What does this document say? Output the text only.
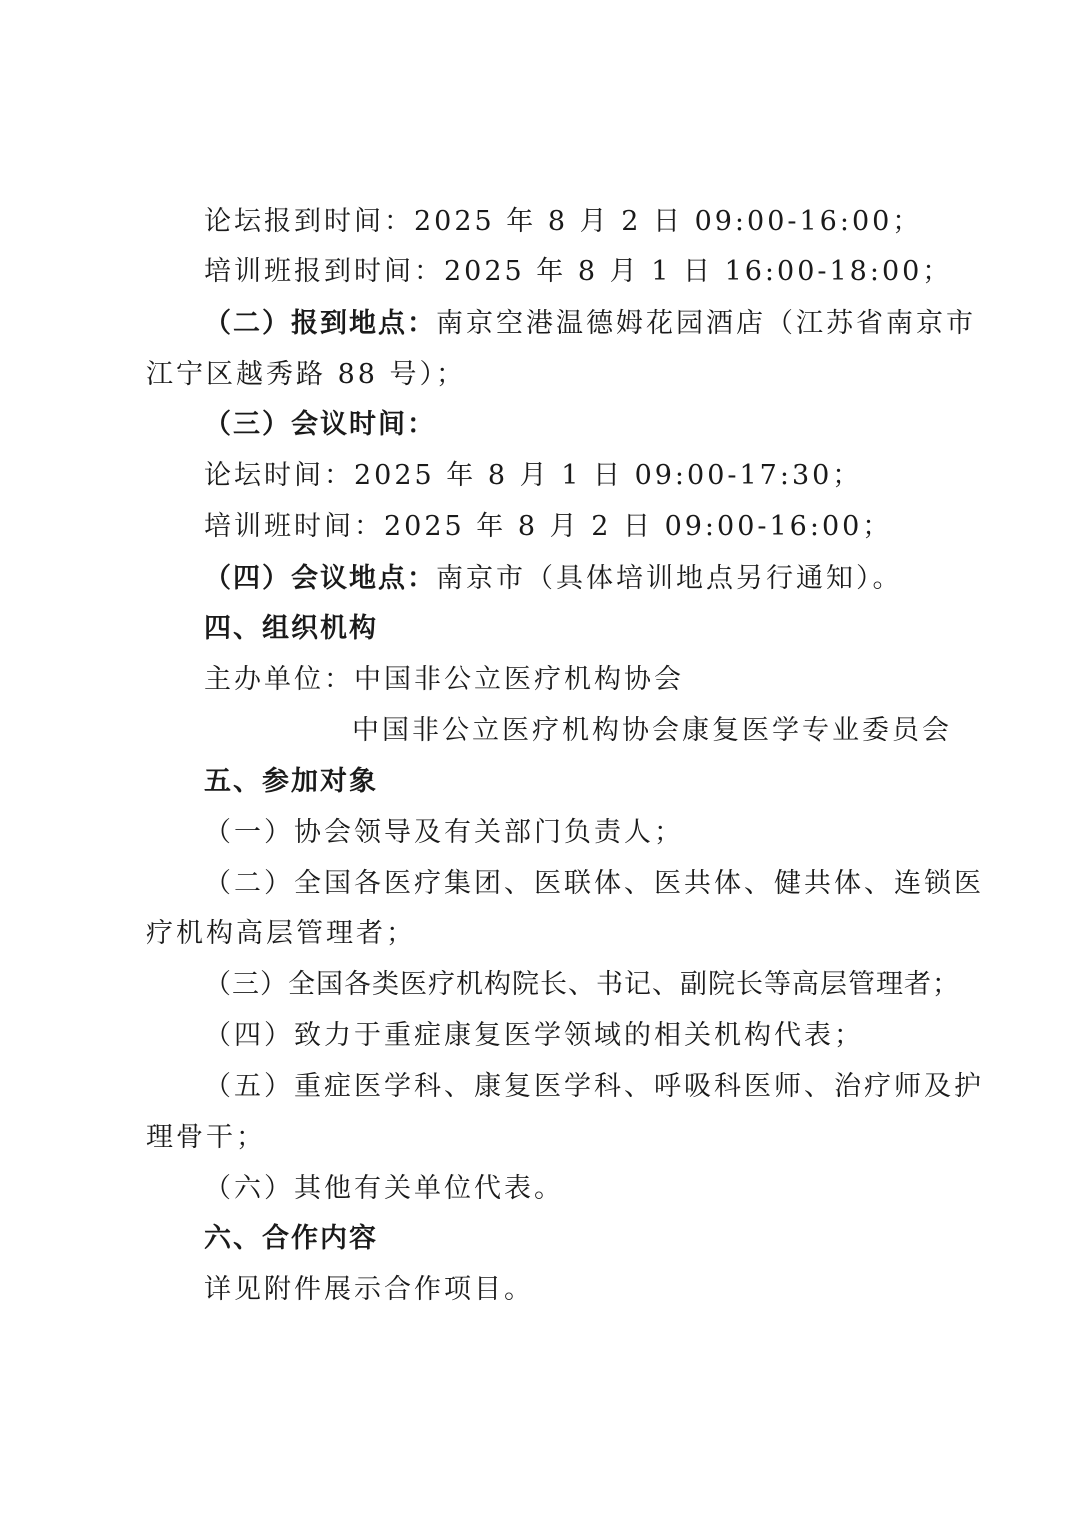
论坛报到时间：2025 年 8 月 2 日 09:00-16:00；
培训班报到时间：2025 年 8 月 1 日 16:00-18:00；
（二）报到地点：南京空港温德姆花园酒店（江苏省南京市
江宁区越秀路 88 号）；
（三）会议时间：
论坛时间：2025 年 8 月 1 日 09:00-17:30；
培训班时间：2025 年 8 月 2 日 09:00-16:00；
（四）会议地点：南京市（具体培训地点另行通知）。
四、组织机构
主办单位：中国非公立医疗机构协会
中国非公立医疗机构协会康复医学专业委员会
五、参加对象
（一）协会领导及有关部门负责人；
（二）全国各医疗集团、医联体、医共体、健共体、连锁医
疗机构高层管理者；
（三）全国各类医疗机构院长、书记、副院长等高层管理者；
（四）致力于重症康复医学领域的相关机构代表；
（五）重症医学科、康复医学科、呼吸科医师、治疗师及护
理骨干；
（六）其他有关单位代表。
六、合作内容
详见附件展示合作项目。
